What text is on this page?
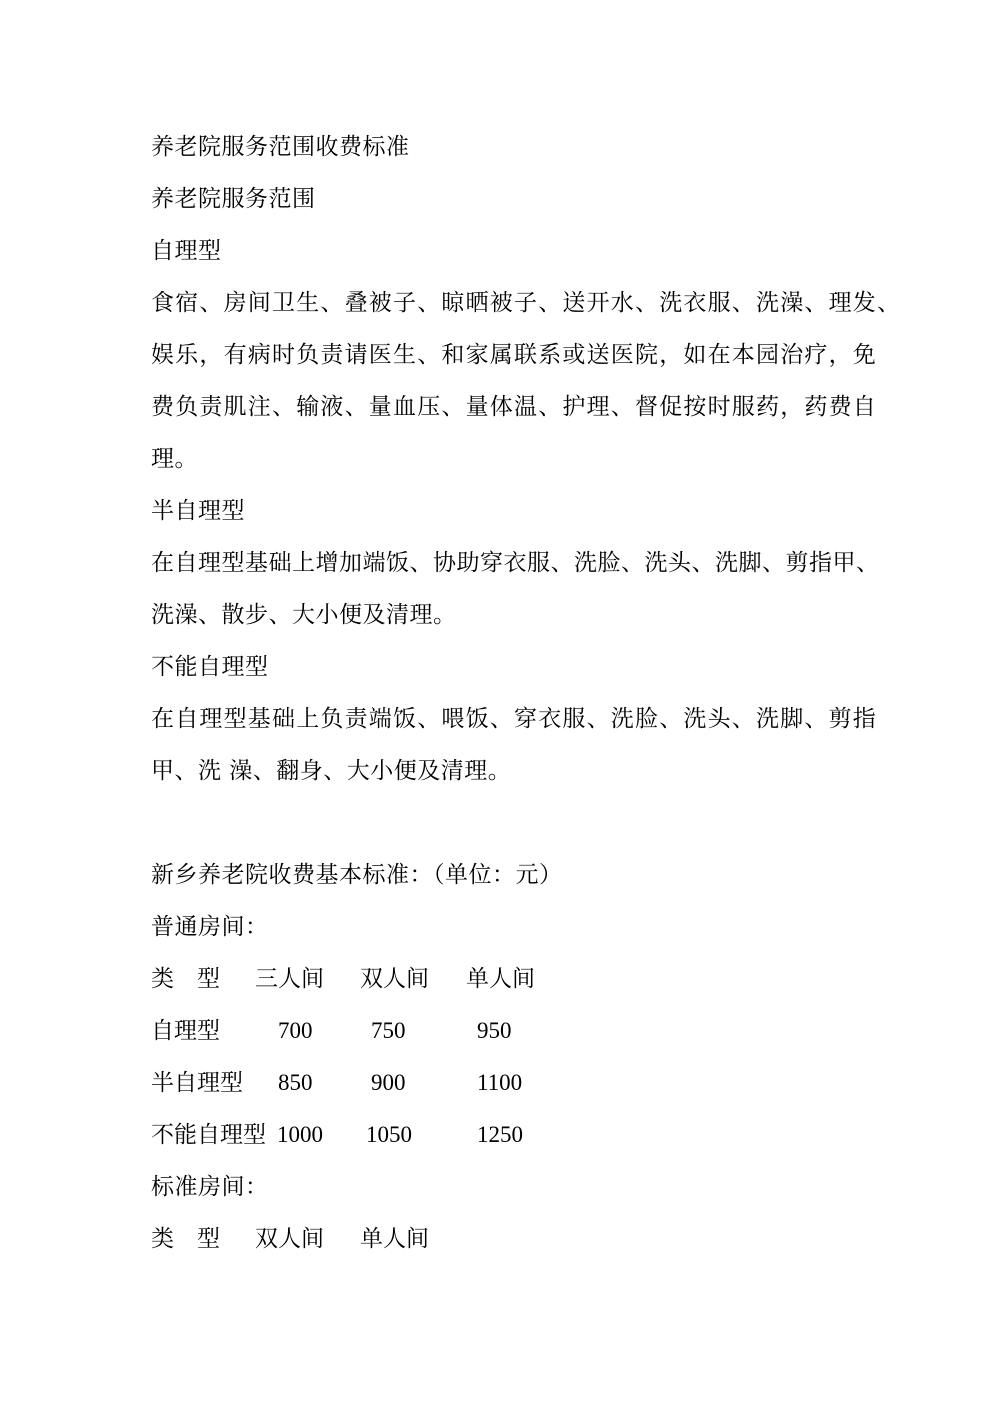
养老院服务范围收费标准
养老院服务范围
自理型
食宿、房间卫生、叠被子、晾晒被子、送开水、洗衣服、洗澡、理发、
娱乐，有病时负责请医生、和家属联系或送医院，如在本园治疗，免
费负责肌注、输液、量血压、量体温、护理、督促按时服药，药费自
理。
半自理型
在自理型基础上增加端饭、协助穿衣服、洗脸、洗头、洗脚、剪指甲、
洗澡、散步、大小便及清理。
不能自理型
在自理型基础上负责端饭、喂饭、穿衣服、洗脸、洗头、洗脚、剪指
甲、洗 澡、翻身、大小便及清理。
新乡养老院收费基本标准：（单位：元）
普通房间：
类　型 三人间 双人间 单人间
自理型	700	750	950
半自理型 850	900	1100
不能自理型 1000 1050	1250
标准房间：
类　型 双人间 单人间
